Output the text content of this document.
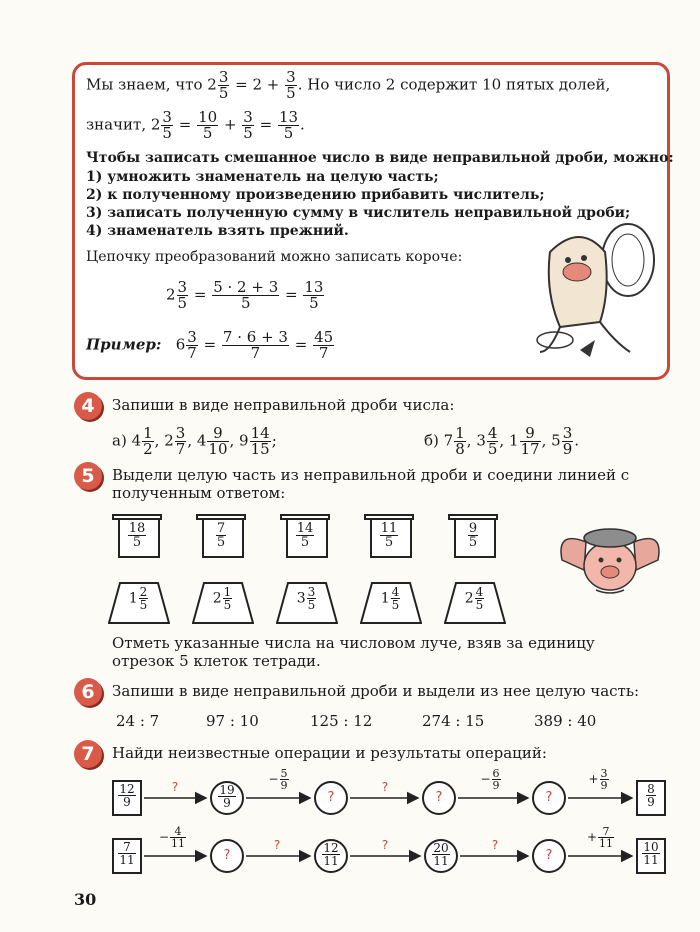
Мы знаем, что $2 \frac{3}{5} = 2 + \frac{3}{5}$ . Но число 2 содержит 10 пятых долей,
значит, $2 \frac{3}{5} = \frac{10}{5} + \frac{3}{5} = \frac{13}{5}$ .
Чтобы записать смешанное число в виде неправильной дроби, можно:
1) умножить знаменатель на целую часть;
2) к полученному произведению прибавить числитель;
3) записать полученную сумму в числитель неправильной дроби;
4) знаменатель взять прежний.
Цепочку преобразований можно записать короче:
$2 \frac{3}{5} = \frac{5 \cdot 2 + 3}{5} = \frac{13}{5}$
Пример:   $6 \frac{3}{7} = \frac{7 \cdot 6 + 3}{7} = \frac{45}{7}$
4	Запиши в виде неправильной дроби числа:
а) $4 \frac{1}{2}$ , $2 \frac{3}{7}$ , $4 \frac{9}{10}$ , $9 \frac{14}{15}$ ;	б) $7 \frac{1}{8}$ , $3 \frac{4}{5}$ , $1 \frac{9}{17}$ , $5 \frac{3}{9}$ .
5	Выдели целую часть из неправильной дроби и соедини линией с
полученным ответом:
$\frac{18}{5}$	$\frac{7}{5}$	$\frac{14}{5}$	$\frac{11}{5}$	$\frac{9}{5}$
$1 \frac{2}{5}$	$2 \frac{1}{5}$	$3 \frac{3}{5}$	$1 \frac{4}{5}$	$2 \frac{4}{5}$
Отметь указанные числа на числовом луче, взяв за единицу
отрезок 5 клеток тетради.
6	Запиши в виде неправильной дроби и выдели из нее целую часть:
24 : 7	97 : 10	125 : 12	274 : 15	389 : 40
7	Найди неизвестные операции и результаты операций:
$\frac{12}{9}$	?	$\frac{19}{9}$
− $\frac{5}{9}$
?
?
?
− $\frac{6}{9}$
?
+ $\frac{3}{9}$
$\frac{8}{9}$
$\frac{7}{11}$
− $\frac{4}{11}$
?
?	$\frac{12}{11}$	?	$\frac{20}{11}$	?
?
+ $\frac{7}{11}$
$\frac{10}{11}$
30
